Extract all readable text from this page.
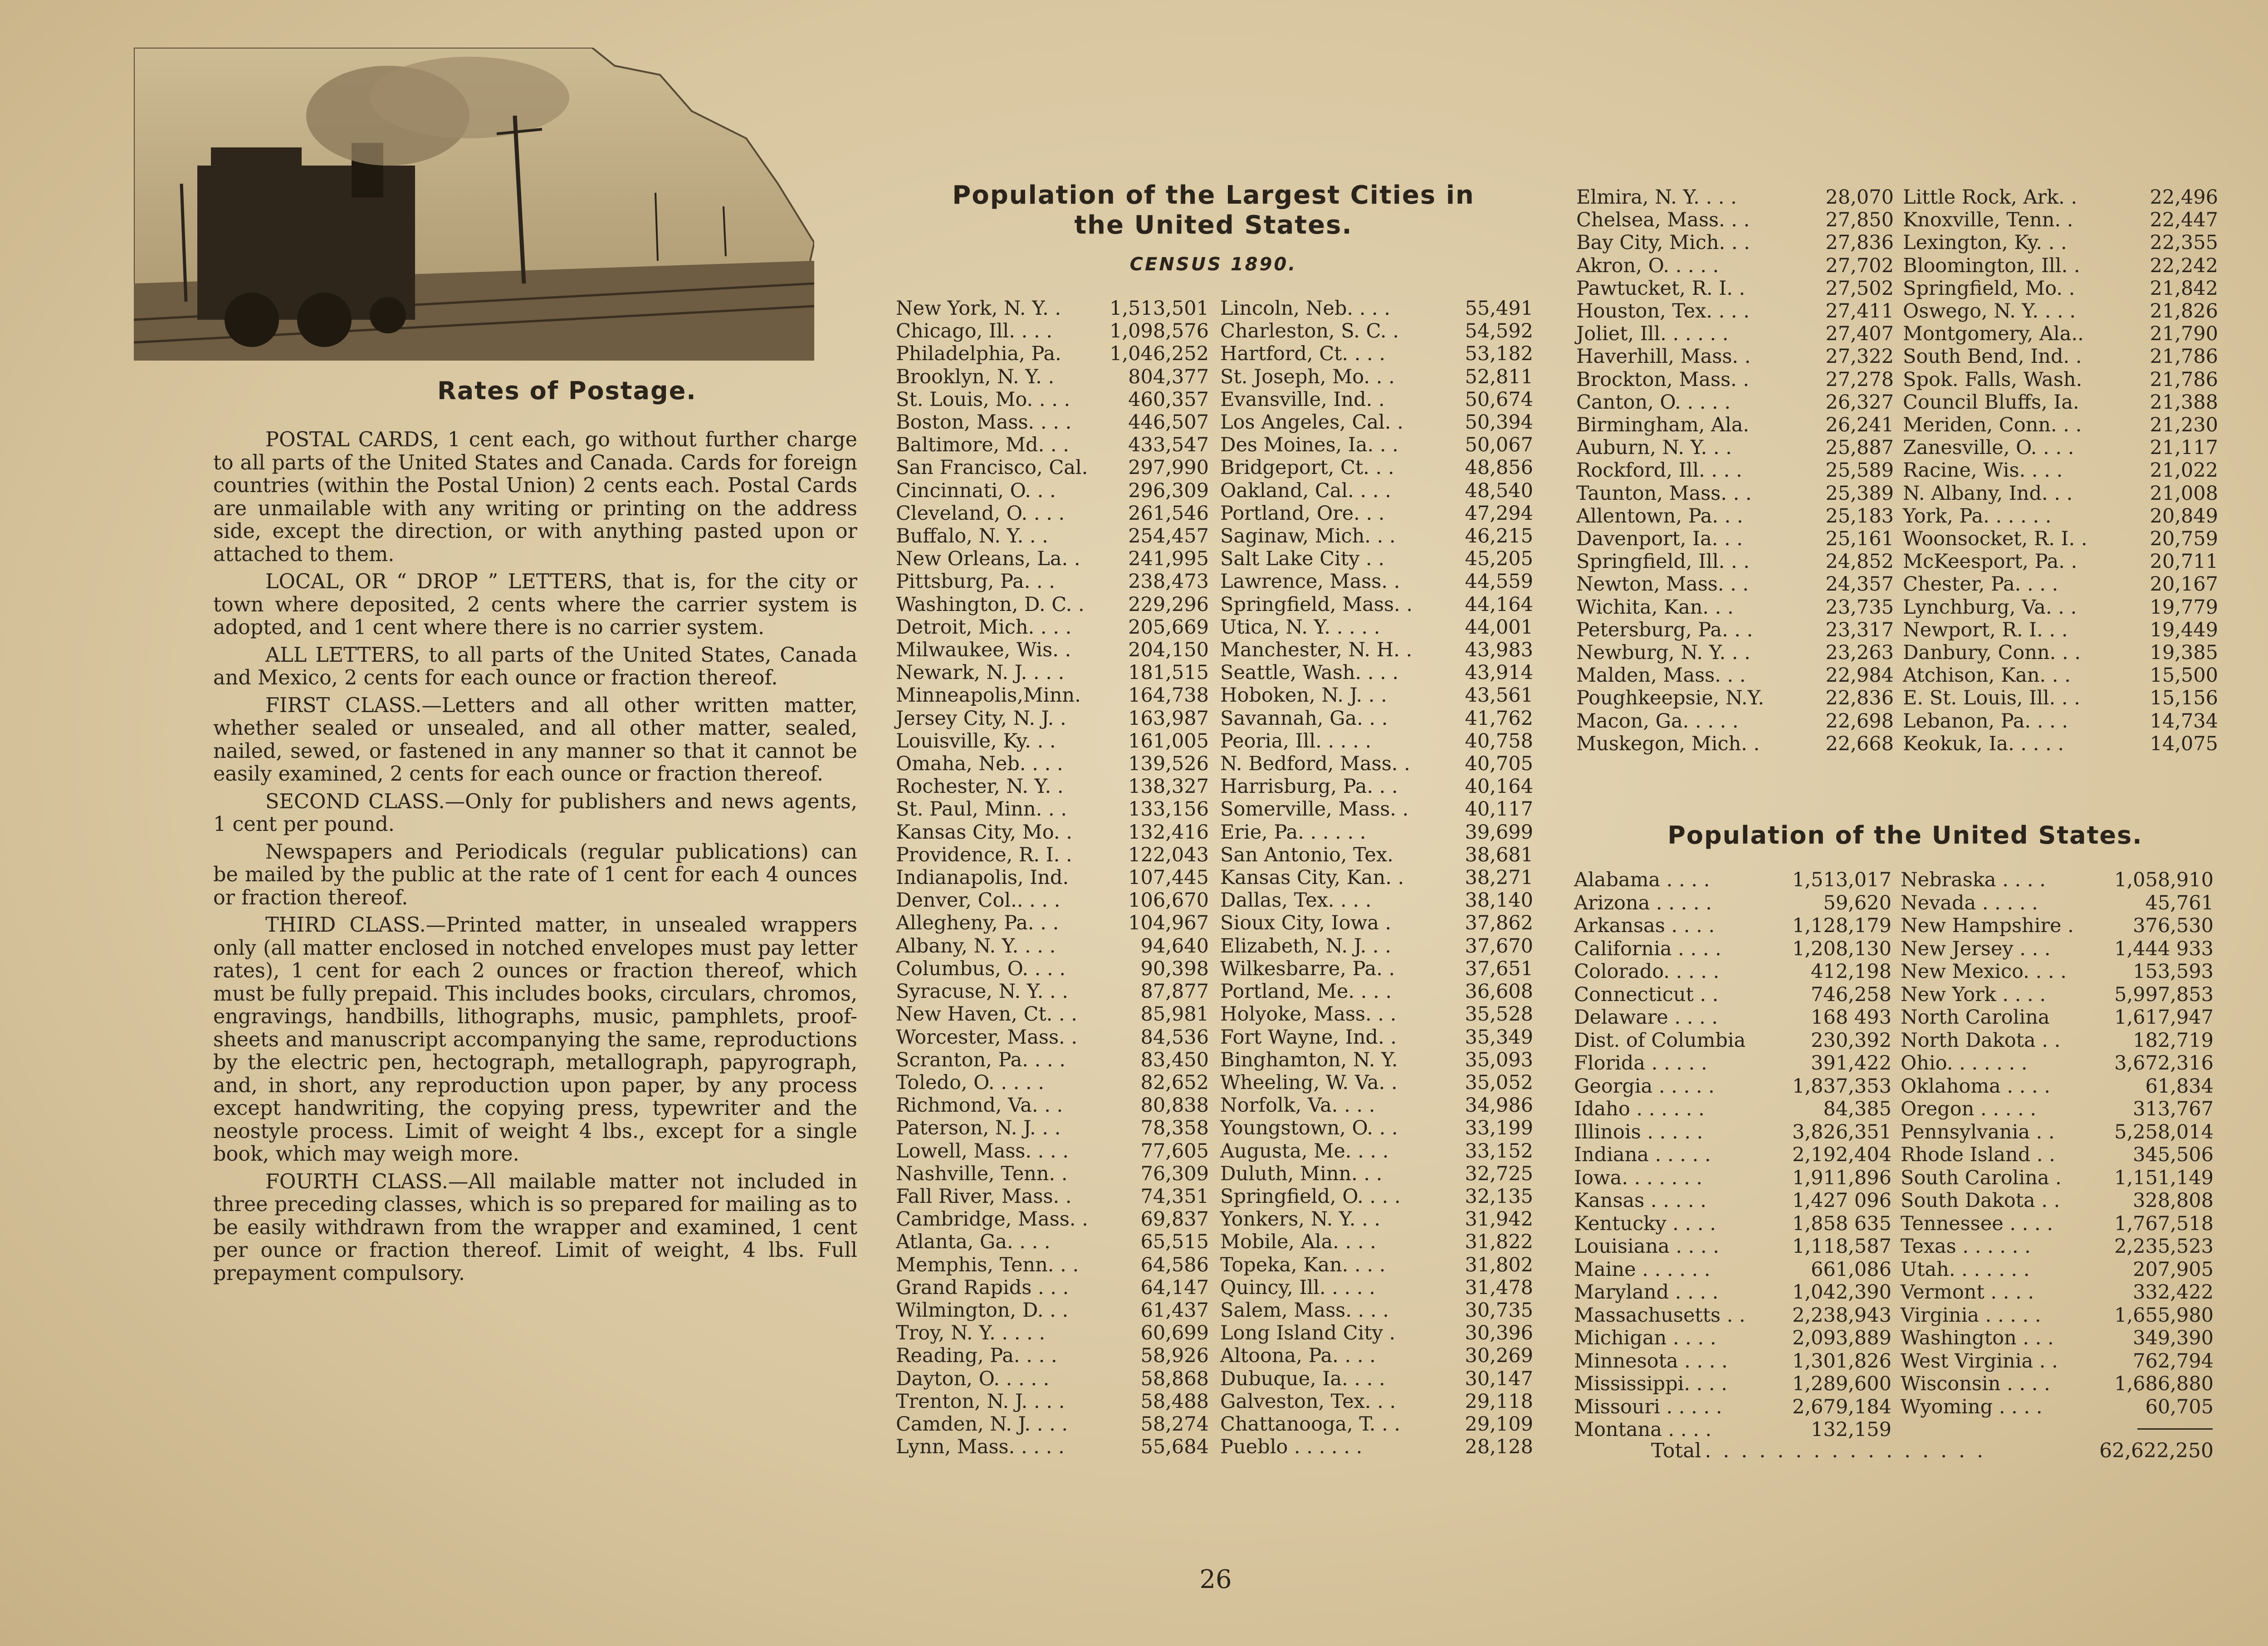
Rates of Postage.

POSTAL CARDS, 1 cent each, go without further charge to all parts of the United States and Canada. Cards for foreign countries (within the Postal Union) 2 cents each. Postal Cards are unmailable with any writing or printing on the address side, except the direction, or with anything pasted upon or attached to them.

LOCAL, OR “ DROP ” LETTERS, that is, for the city or town where deposited, 2 cents where the carrier system is adopted, and 1 cent where there is no carrier system.

ALL LETTERS, to all parts of the United States, Canada and Mexico, 2 cents for each ounce or fraction thereof.

FIRST CLASS.—Letters and all other written matter, whether sealed or unsealed, and all other matter, sealed, nailed, sewed, or fastened in any manner so that it cannot be easily examined, 2 cents for each ounce or fraction thereof.

SECOND CLASS.—Only for publishers and news agents, 1 cent per pound.

Newspapers and Periodicals (regular publications) can be mailed by the public at the rate of 1 cent for each 4 ounces or fraction thereof.

THIRD CLASS.—Printed matter, in unsealed wrappers only (all matter enclosed in notched envelopes must pay letter rates), 1 cent for each 2 ounces or fraction thereof, which must be fully prepaid. This includes books, circulars, chromos, engravings, handbills, lithographs, music, pamphlets, proof-sheets and manuscript accompanying the same, reproductions by the electric pen, hectograph, metallograph, papyrograph, and, in short, any reproduction upon paper, by any process except handwriting, the copying press, typewriter and the neostyle process. Limit of weight 4 lbs., except for a single book, which may weigh more.

FOURTH CLASS.—All mailable matter not included in three preceding classes, which is so prepared for mailing as to be easily withdrawn from the wrapper and examined, 1 cent per ounce or fraction thereof. Limit of weight, 4 lbs. Full prepayment compulsory.

Population of the Largest Cities in
the United States.
CENSUS 1890.
New York, N. Y. . 1,513,501
Chicago, Ill. . . .	1,098,576
Philadelphia, Pa. 1,046,252
Brooklyn, N. Y. .	804,377
St. Louis, Mo. . . .	460,357
Boston, Mass. . . .	446,507
Baltimore, Md. . .	433,547
San Francisco, Cal. 297,990
Cincinnati, O. . .	296,309
Cleveland, O. . . .	261,546
Buffalo, N. Y. . .	254,457
New Orleans, La. . 241,995
Pittsburg, Pa. . .	238,473
Washington, D. C. . 229,296
Detroit, Mich. . . .	205,669
Milwaukee, Wis. .	204,150
Newark, N. J. . . .	181,515
Minneapolis,Minn. 164,738
Jersey City, N. J. .	163,987
Louisville, Ky. . .	161,005
Omaha, Neb. . . .	139,526
Rochester, N. Y. .	138,327
St. Paul, Minn. . .	133,156
Kansas City, Mo. .	132,416
Providence, R. I. .	122,043
Indianapolis, Ind.	107,445
Denver, Col.. . . .	106,670
Allegheny, Pa. . .	104,967
Albany, N. Y. . . .	94,640
Columbus, O. . . .	90,398
Syracuse, N. Y. . .	87,877
New Haven, Ct. . .	85,981
Worcester, Mass. .	84,536
Scranton, Pa. . . .	83,450
Toledo, O. . . . .	82,652
Richmond, Va. . .	80,838
Paterson, N. J. . .	78,358
Lowell, Mass. . . .	77,605
Nashville, Tenn. .	76,309
Fall River, Mass. .	74,351
Cambridge, Mass. .	69,837
Atlanta, Ga. . . .	65,515
Memphis, Tenn. . .	64,586
Grand Rapids . . .	64,147
Wilmington, D. . .	61,437
Troy, N. Y. . . . .	60,699
Reading, Pa. . . .	58,926
Dayton, O. . . . .	58,868
Trenton, N. J. . . .	58,488
Camden, N. J. . . .	58,274
Lynn, Mass. . . . .	55,684
Lincoln, Neb. . . .	55,491
Charleston, S. C. .	54,592
Hartford, Ct. . . .	53,182
St. Joseph, Mo. . .	52,811
Evansville, Ind. .	50,674
Los Angeles, Cal. .	50,394
Des Moines, Ia. . .	50,067
Bridgeport, Ct. . .	48,856
Oakland, Cal. . . .	48,540
Portland, Ore. . .	47,294
Saginaw, Mich. . .	46,215
Salt Lake City . .	45,205
Lawrence, Mass. .	44,559
Springfield, Mass. .	44,164
Utica, N. Y. . . . .	44,001
Manchester, N. H. .	43,983
Seattle, Wash. . . .	43,914
Hoboken, N. J. . .	43,561
Savannah, Ga. . .	41,762
Peoria, Ill. . . . .	40,758
N. Bedford, Mass. .	40,705
Harrisburg, Pa. . .	40,164
Somerville, Mass. .	40,117
Erie, Pa. . . . . .	39,699
San Antonio, Tex.	38,681
Kansas City, Kan. .	38,271
Dallas, Tex. . . .	38,140
Sioux City, Iowa .	37,862
Elizabeth, N. J. . .	37,670
Wilkesbarre, Pa. .	37,651
Portland, Me. . . .	36,608
Holyoke, Mass. . .	35,528
Fort Wayne, Ind. .	35,349
Binghamton, N. Y.	35,093
Wheeling, W. Va. .	35,052
Norfolk, Va. . . .	34,986
Youngstown, O. . .	33,199
Augusta, Me. . . .	33,152
Duluth, Minn. . .	32,725
Springfield, O. . . .	32,135
Yonkers, N. Y. . .	31,942
Mobile, Ala. . . .	31,822
Topeka, Kan. . . .	31,802
Quincy, Ill. . . . .	31,478
Salem, Mass. . . .	30,735
Long Island City .	30,396
Altoona, Pa. . . .	30,269
Dubuque, Ia. . . .	30,147
Galveston, Tex. . .	29,118
Chattanooga, T. . .	29,109
Pueblo . . . . . .	28,128
Elmira, N. Y. . . .	28,070
Chelsea, Mass. . .	27,850
Bay City, Mich. . .	27,836
Akron, O. . . . .	27,702
Pawtucket, R. I. .	27,502
Houston, Tex. . . .	27,411
Joliet, Ill. . . . . .	27,407
Haverhill, Mass. .	27,322
Brockton, Mass. .	27,278
Canton, O. . . . .	26,327
Birmingham, Ala.	26,241
Auburn, N. Y. . .	25,887
Rockford, Ill. . . .	25,589
Taunton, Mass. . .	25,389
Allentown, Pa. . .	25,183
Davenport, Ia. . .	25,161
Springfield, Ill. . .	24,852
Newton, Mass. . .	24,357
Wichita, Kan. . .	23,735
Petersburg, Pa. . .	23,317
Newburg, N. Y. . .	23,263
Malden, Mass. . .	22,984
Poughkeepsie, N.Y.	22,836
Macon, Ga. . . . .	22,698
Muskegon, Mich. .	22,668
Little Rock, Ark. .	22,496
Knoxville, Tenn. .	22,447
Lexington, Ky. . .	22,355
Bloomington, Ill. .	22,242
Springfield, Mo. .	21,842
Oswego, N. Y. . . .	21,826
Montgomery, Ala..	21,790
South Bend, Ind. .	21,786
Spok. Falls, Wash.	21,786
Council Bluffs, Ia.	21,388
Meriden, Conn. . .	21,230
Zanesville, O. . . .	21,117
Racine, Wis. . . .	21,022
N. Albany, Ind. . .	21,008
York, Pa. . . . . .	20,849
Woonsocket, R. I. .	20,759
McKeesport, Pa. .	20,711
Chester, Pa. . . .	20,167
Lynchburg, Va. . .	19,779
Newport, R. I. . .	19,449
Danbury, Conn. . .	19,385
Atchison, Kan. . .	15,500
E. St. Louis, Ill. . .	15,156
Lebanon, Pa. . . .	14,734
Keokuk, Ia. . . . .	14,075
Population of the United States.
Alabama . . . .	1,513,017
Arizona . . . . .	59,620
Arkansas . . . .	1,128,179
California . . . .	1,208,130
Colorado. . . . .	412,198
Connecticut . .	746,258
Delaware . . . .	168 493
Dist. of Columbia	230,392
Florida . . . . .	391,422
Georgia . . . . .	1,837,353
Idaho . . . . . .	84,385
Illinois . . . . .	3,826,351
Indiana . . . . .	2,192,404
Iowa. . . . . . .	1,911,896
Kansas . . . . .	1,427 096
Kentucky . . . .	1,858 635
Louisiana . . . .	1,118,587
Maine . . . . . .	661,086
Maryland . . . .	1,042,390
Massachusetts . . 2,238,943
Michigan . . . .	2,093,889
Minnesota . . . .	1,301,826
Mississippi. . . .	1,289,600
Missouri . . . . .	2,679,184
Montana . . . .	132,159
Nebraska . . . .	1,058,910
Nevada . . . . .	45,761
New Hampshire .	376,530
New Jersey . . .	1,444 933
New Mexico. . . .	153,593
New York . . . .	5,997,853
North Carolina	1,617,947
North Dakota . .	182,719
Ohio. . . . . . .	3,672,316
Oklahoma . . . .	61,834
Oregon . . . . .	313,767
Pennsylvania . .	5,258,014
Rhode Island . .	345,506
South Carolina .	1,151,149
South Dakota . .	328,808
Tennessee . . . .	1,767,518
Texas . . . . . .	2,235,523
Utah. . . . . . .	207,905
Vermont . . . .	332,422
Virginia . . . . .	1,655,980
Washington . . .	349,390
West Virginia . .	762,794
Wisconsin . . . .	1,686,880
Wyoming . . . .	60,705
Total . . . . . . . . . . . . . . . .	62,622,250
26
